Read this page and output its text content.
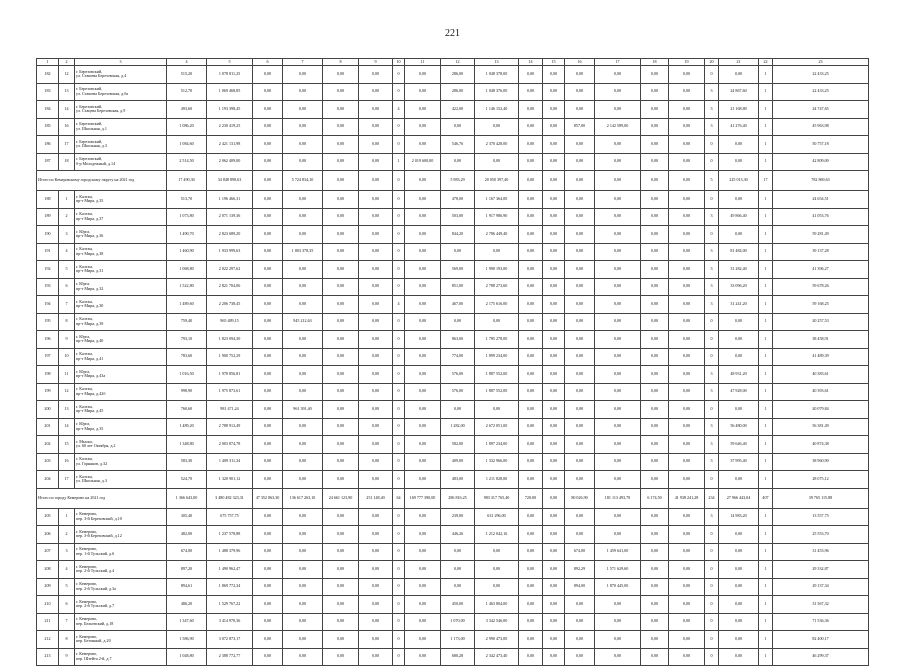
221
1	2	3	4	5	6	7	8	9	10	11	12	13	14	15	16	17	18	19	20	21	22	23
182	12	г. Березовский,
ул. Сташева Березовская, д.4	515,20	1 078 811,25	0,00	0,00	0,00	0,00	0	0,00	286,00	1 048 378,00	0,00	0,00	0,00	0,00	0,00	0,00	0	0,00	1	22 433,25
183	13	г. Березовский,
ул. Сташева Березовская, д.ба	512,70	1 069 468,85	0,00	0,00	0,00	0,00	0	0,00	286,00	1 048 376,00	0,00	0,00	0,00	0,00	0,00	0,00	3	24 867,60	1	22 433,25
184	14	г. Березовский,
ул. Стацева Березовская, д.9	493,60	1 193 398,45	0,00	0,00	0,00	0,00	4	0,00	422,00	1 146 152,40	0,00	0,00	0,00	0,00	0,00	0,00	3	21 168,80	1	24 747,65
185	16	г. Березовский,
ул. Школьная, д.1	1 086,20	2 230 419,25	0,00	0,00	0,00	0,00	0	0,00	0,00	0,00	0,00	0,00	857,00	2 142 589,00	0,00	0,00	3	41 276,40	1	45 963,98
186	17	г. Березовский,
ул. Школьная, д.3	1 084,60	2 421 131,98	0,00	0,00	0,00	0,00	0	0,00	546,76	2 370 428,00	0,00	0,00	0,00	0,00	0,00	0,00	0	0,00	1	50 757,18
187	18	г. Березовский,
б-р Молодежный, д.14	2 514,50	2 062 409,00	0,00	0,00	0,00	0,00	1	2 019 600,00	0,00	0,00	0,00	0,00	0,00	0,00	0,00	0,00	0	0,00	1	42 809,00
Итого по Кемеровскому городскому округу на 2021 год			17 490,30	34 848 898,63	0,00	5 724 834,10	0,00	0,00	0	0,00	5 983,29	20 050 397,40	0,00	0,00	0,00	0,00	0,00	0,00	5	225 013,30	17	782 869,63
188	1	г. Калтан,
пр-т Мира, д.35	513,70	1 196 466,31	0,00	0,00	0,00	0,00	0	0,00	478,00	1 167 364,00	0,00	0,00	0,00	0,00	0,00	0,00	0	0,00	1	24 654,51
189	2	г. Калтан,
пр-т Мира, д.37	1 073,80	2 071 139,36	0,00	0,00	0,00	0,00	0	0,00	503,00	1 917 986,90	0,00	0,00	0,00	0,00	0,00	0,00	3	49 866,40	1	41 053,76
190	3	г. Юрга,
пр-т Мира, д.36	1 490,70	2 823 689,20	0,00	0,00	0,00	0,00	0	0,00	844,20	2 786 449,40	0,00	0,00	0,00	0,00	0,00	0,00	0	0,00	1	59 281,49
191	4	г. Калтан,
пр-т Мира, д.38	1 460,90	1 933 999,63	0,00	1 803 378,35	0,00	0,00	0	0,00	0,00	0,00	0,00	0,00	0,00	0,00	0,00	0,00	3	81 484,00	1	39 137,28
192	5	г. Калтан,
пр-т Мира, д.31	1 068,80	2 022 297,62	0,00	0,00	0,00	0,00	0	0,00	569,00	1 990 193,00	0,00	0,00	0,00	0,00	0,00	0,00	3	31 282,40	1	41 396,27
193	6	г. Юрга,
пр-т Мира, д.32	1 522,80	2 821 704,06	0,00	0,00	0,00	0,00	0	0,00	851,00	2 788 273,60	0,00	0,00	0,00	0,00	0,00	0,00	3	33 096,20	1	59 678,26
194	7	г. Калтан,
пр-т Мира, д.30	1 489,60	2 206 738,45	0,00	0,00	0,00	0,00	4	0,00	467,00	2 175 616,00	0,00	0,00	0,00	0,00	0,00	0,00	3	31 241,20	1	59 168,25
195	8	г. Калтан,
пр-т Мира, д.39	759,40	965 489,15	0,00	945 212,63	0,00	0,00	0	0,00	0,00	0,00	0,00	0,00	0,00	0,00	0,00	0,00	0	0,00	1	20 257,53
196	9	г. Юрга,
пр-т Мира, д.40	793,10	1 823 094,30	0,00	0,00	0,00	0,00	0	0,00	863,00	1 785 278,00	0,00	0,00	0,00	0,00	0,00	0,00	0	0,00	1	38 458,91
197	10	г. Калтан,
пр-т Мира, д.41	783,60	1 900 752,29	0,00	0,00	0,00	0,00	0	0,00	774,00	1 899 234,00	0,00	0,00	0,00	0,00	0,00	0,00	0	0,00	1	41 489,39
198	11	г. Юрга,
пр-т Мира, д.43а	1 016,50	1 978 856,81	0,00	0,00	0,00	0,00	0	0,00	576,00	1 887 552,00	0,00	0,00	0,00	0,00	0,00	0,00	3	48 931,20	1	40 383,61
199	12	г. Калтан,
пр-т Мира, д.42б	998,90	1 975 873,61	0,00	0,00	0,00	0,00	0	0,00	576,00	1 887 552,00	0,00	0,00	0,00	0,00	0,00	0,00	3	47 928,00	1	40 393,61
200	13	г. Калтан,
пр-т Мира, д.45	760,60	981 471,24	0,00	961 391,40	0,00	0,00	0	0,00	0,00	0,00	0,00	0,00	0,00	0,00	0,00	0,00	0	0,00	1	20 079,84
201	14	г. Юрга,
пр-т Мира, д.35	1 489,20	2 788 912,49	0,00	0,00	0,00	0,00	0	0,00	1 282,00	2 672 051,00	0,00	0,00	0,00	0,00	0,00	0,00	3	56 480,00	1	56 381,49
202	15	г. Мыски,
ул. 60 лет Октября, д.2	1 348,80	2 003 874,78	0,00	0,00	0,00	0,00	0	0,00	582,00	1 897 234,00	0,00	0,00	0,00	0,00	0,00	0,00	3	59 646,40	1	40 874,38
203	16	г. Калтан,
ул. Горняков, д.32	583,30	1 409 311,34	0,00	0,00	0,00	0,00	0	0,00	409,00	1 332 966,00	0,00	0,00	0,00	0,00	0,00	0,00	3	37 995,40	1	38 960,90
204	17	г. Калтан,
ул. Школьная, д.3	524,70	1 320 901,12	0,00	0,00	0,00	0,00	0	0,00	483,00	1 211 828,00	0,00	0,00	0,00	0,00	0,00	0,00	0	0,00	1	28 075,12
Итого по городу Кемерово на 2021 год			1 366 643,00	3 480 482 323,31	47 352 063,30	136 617 263,10	24 661 123,90	251 148,40	64	169 777 390,00	286 816,25	983 317 765,40	720,00	0,00	80 026,90	181 113 493,70	6 174,50	41 938 241,28	234	27 966 443,04	407	39 765 115,88
205	1	г. Кемерово,
пер. 3-й Березовский, д.10	305,40	675 757,75	0,00	0,00	0,00	0,00	0	0,00	239,00	631 296,00	0,00	0,00	0,00	0,00	0,00	0,00	3	14 983,20	1	13 557,75
206	2	г. Кемерово,
пер. 3-й Березовский, д.12	482,00	1 237 578,88	0,00	0,00	0,00	0,00	0	0,00	446,26	1 212 042,16	0,00	0,00	0,00	0,00	0,00	0,00	0	0,00	1	25 553,70
207	3	г. Кемерово,
пер. 1-й Тульский, д.6	674,00	1 488 379,96	0,00	0,00	0,00	0,00	0	0,00	0,00	0,00	0,00	0,00	674,00	1 459 641,00	0,00	0,00	0	0,00	1	31 453,96
208	4	г. Кемерово,
пер. 2-й Тульский, д.4	897,20	1 490 962,47	0,00	0,00	0,00	0,00	0	0,00	0,00	0,00	0,00	0,00	892,29	1 571 629,60	0,00	0,00	0	0,00	1	29 332,87
209	5	г. Кемерово,
пер. 2-й Тульский, д.3а	894,61	1 869 772,34	0,00	0,00	0,00	0,00	0	0,00	0,00	0,00	0,00	0,00	894,00	1 870 445,00	0,00	0,00	0	0,00	1	29 137,34
210	6	г. Кемерово,
пер. 2-й Тульский, д.7	486,20	1 529 767,22	0,00	0,00	0,00	0,00	0	0,00	450,00	1 463 804,00	0,00	0,00	0,00	0,00	0,00	0,00	0	0,00	1	31 567,32
211	7	г. Кемерово,
пер. Бельевский, д.18	1 347,60	3 414 970,36	0,00	0,00	0,00	0,00	0	0,00	1 070,00	3 342 546,00	0,00	0,00	0,00	0,00	0,00	0,00	0	0,00	1	71 536,36
212	8	г. Кемерово,
пер. Бетонный, д.20	1 586,90	3 072 873,17	0,00	0,00	0,00	0,00	0	0,00	1 173,00	2 990 473,00	0,00	0,00	0,00	0,00	0,00	0,00	0	0,00	1	82 400,17
213	9	г. Кемерово,
пер. Штейта 2-й, д.7	1 048,80	2 388 772,77	0,00	0,00	0,00	0,00	0	0,00	680,28	2 342 473,40	0,00	0,00	0,00	0,00	0,00	0,00	0	0,00	1	46 299,37
